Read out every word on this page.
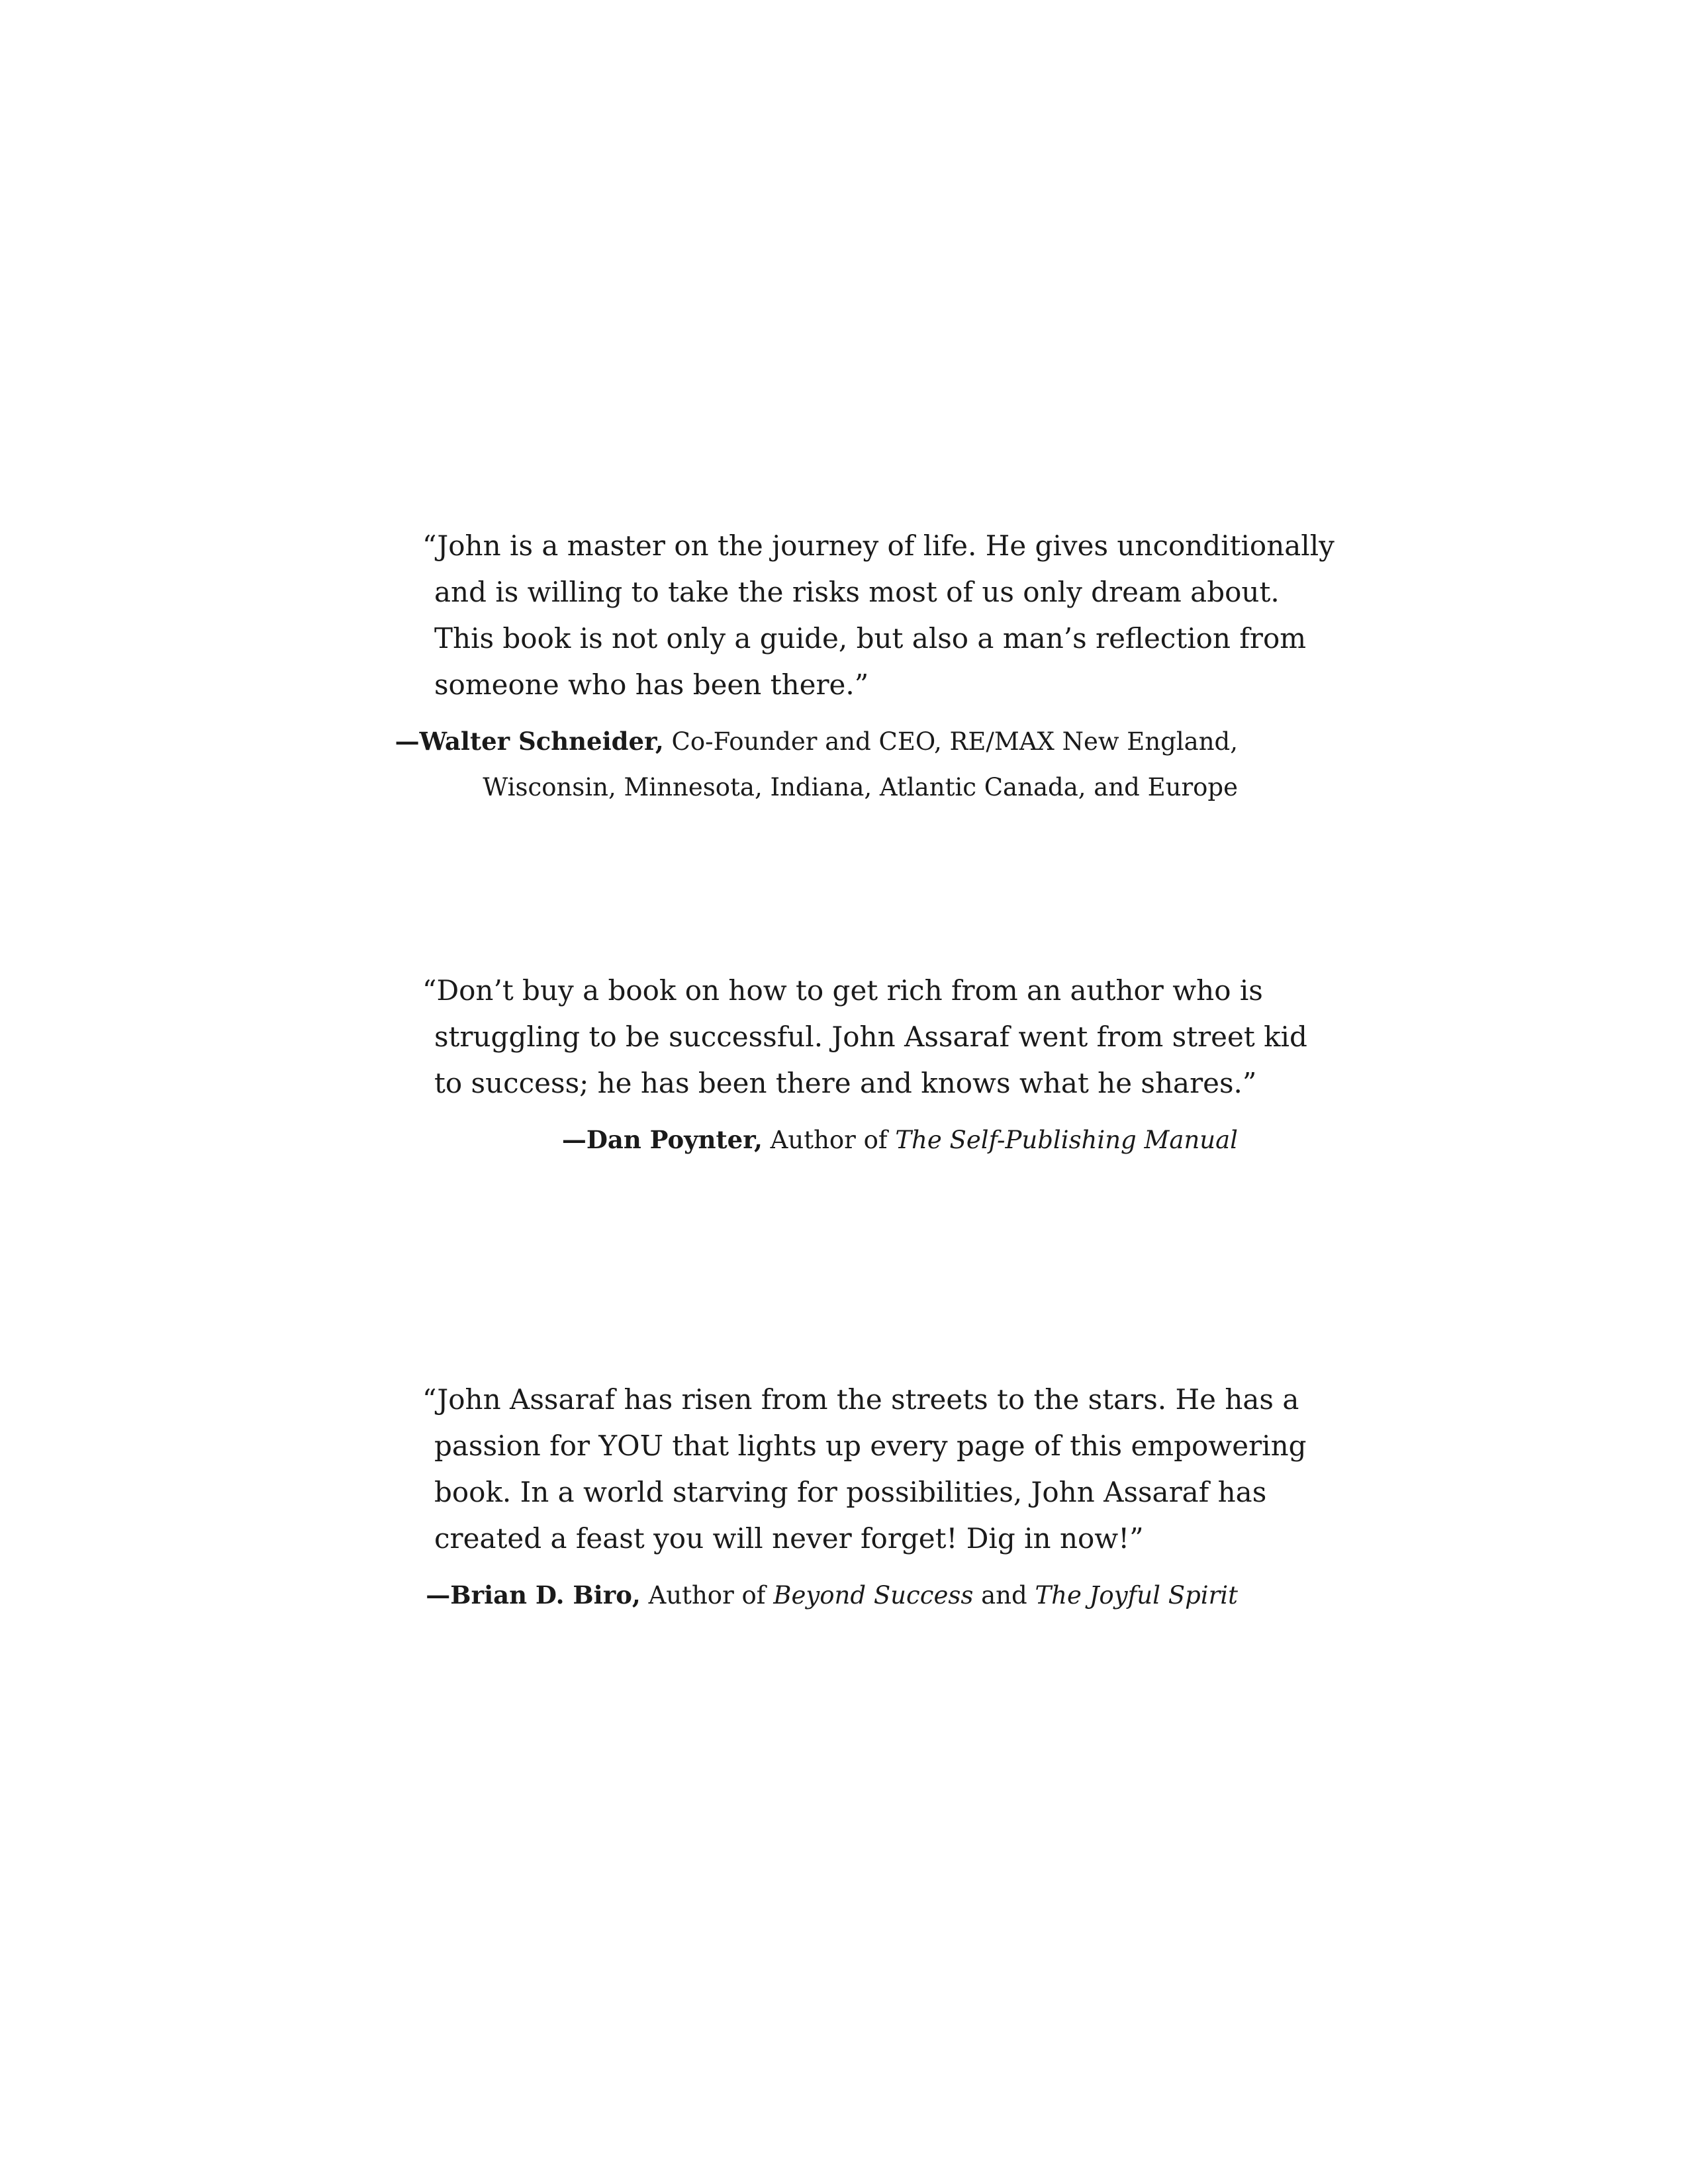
“John is a master on the journey of life. He gives unconditionally
and is willing to take the risks most of us only dream about.
This book is not only a guide, but also a man’s reflection from
someone who has been there.”
—Walter Schneider, Co-Founder and CEO, RE/MAX New England,
Wisconsin, Minnesota, Indiana, Atlantic Canada, and Europe
“Don’t buy a book on how to get rich from an author who is
struggling to be successful. John Assaraf went from street kid
to success; he has been there and knows what he shares.”
—Dan Poynter, Author of The Self-Publishing Manual
“John Assaraf has risen from the streets to the stars. He has a
passion for YOU that lights up every page of this empowering
book. In a world starving for possibilities, John Assaraf has
created a feast you will never forget! Dig in now!”
—Brian D. Biro, Author of Beyond Success and The Joyful Spirit
